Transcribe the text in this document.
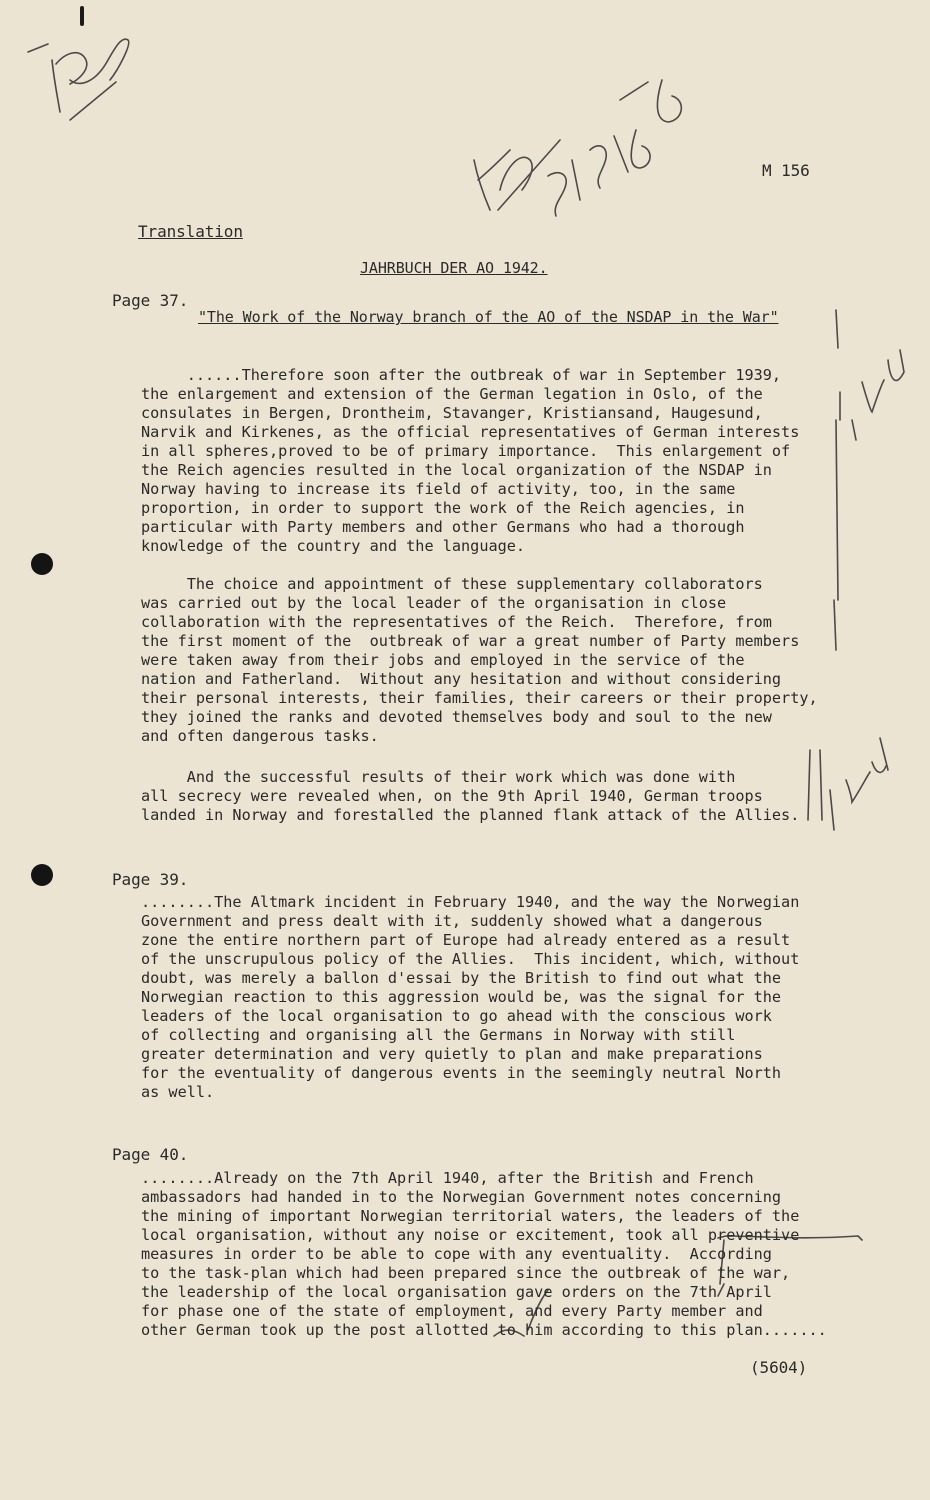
M 156
Translation
JAHRBUCH DER AO 1942.
Page 37.
"The Work of the Norway branch of the AO of the NSDAP in the War"
......Therefore soon after the outbreak of war in September 1939,
the enlargement and extension of the German legation in Oslo, of the
consulates in Bergen, Drontheim, Stavanger, Kristiansand, Haugesund,
Narvik and Kirkenes, as the official representatives of German interests
in all spheres,proved to be of primary importance.  This enlargement of
the Reich agencies resulted in the local organization of the NSDAP in
Norway having to increase its field of activity, too, in the same
proportion, in order to support the work of the Reich agencies, in
particular with Party members and other Germans who had a thorough
knowledge of the country and the language.
The choice and appointment of these supplementary collaborators
was carried out by the local leader of the organisation in close
collaboration with the representatives of the Reich.  Therefore, from
the first moment of the  outbreak of war a great number of Party members
were taken away from their jobs and employed in the service of the
nation and Fatherland.  Without any hesitation and without considering
their personal interests, their families, their careers or their property,
they joined the ranks and devoted themselves body and soul to the new
and often dangerous tasks.
And the successful results of their work which was done with
all secrecy were revealed when, on the 9th April 1940, German troops
landed in Norway and forestalled the planned flank attack of the Allies.
Page 39.
........The Altmark incident in February 1940, and the way the Norwegian
Government and press dealt with it, suddenly showed what a dangerous
zone the entire northern part of Europe had already entered as a result
of the unscrupulous policy of the Allies.  This incident, which, without
doubt, was merely a ballon d'essai by the British to find out what the
Norwegian reaction to this aggression would be, was the signal for the
leaders of the local organisation to go ahead with the conscious work
of collecting and organising all the Germans in Norway with still
greater determination and very quietly to plan and make preparations
for the eventuality of dangerous events in the seemingly neutral North
as well.
Page 40.
........Already on the 7th April 1940, after the British and French
ambassadors had handed in to the Norwegian Government notes concerning
the mining of important Norwegian territorial waters, the leaders of the
local organisation, without any noise or excitement, took all preventive
measures in order to be able to cope with any eventuality.  According
to the task-plan which had been prepared since the outbreak of the war,
the leadership of the local organisation gave orders on the 7th April
for phase one of the state of employment, and every Party member and
other German took up the post allotted to him according to this plan.......
(5604)
